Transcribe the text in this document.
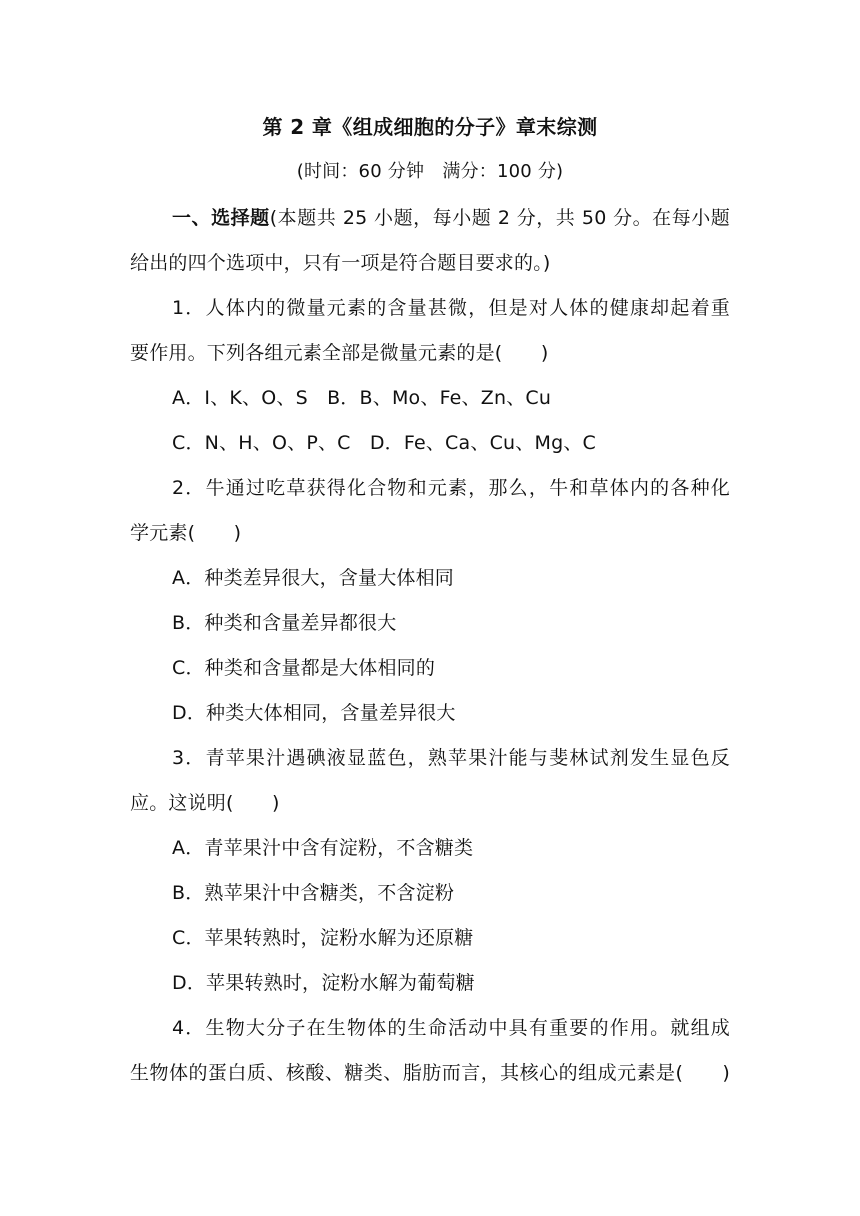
第 2 章《组成细胞的分子》章末综测
(时间：60 分钟　满分：100 分)
一、选择题(本题共 25 小题，每小题 2 分，共 50 分。在每小题
给出的四个选项中，只有一项是符合题目要求的。)
1．人体内的微量元素的含量甚微，但是对人体的健康却起着重
要作用。下列各组元素全部是微量元素的是(　　)
A．I、K、O、S　B．B、Mo、Fe、Zn、Cu
C．N、H、O、P、C　D．Fe、Ca、Cu、Mg、C
2．牛通过吃草获得化合物和元素，那么，牛和草体内的各种化
学元素(　　)
A．种类差异很大，含量大体相同
B．种类和含量差异都很大
C．种类和含量都是大体相同的
D．种类大体相同，含量差异很大
3．青苹果汁遇碘液显蓝色，熟苹果汁能与斐林试剂发生显色反
应。这说明(　　)
A．青苹果汁中含有淀粉，不含糖类
B．熟苹果汁中含糖类，不含淀粉
C．苹果转熟时，淀粉水解为还原糖
D．苹果转熟时，淀粉水解为葡萄糖
4．生物大分子在生物体的生命活动中具有重要的作用。就组成
生物体的蛋白质、核酸、糖类、脂肪而言，其核心的组成元素是(　　)
